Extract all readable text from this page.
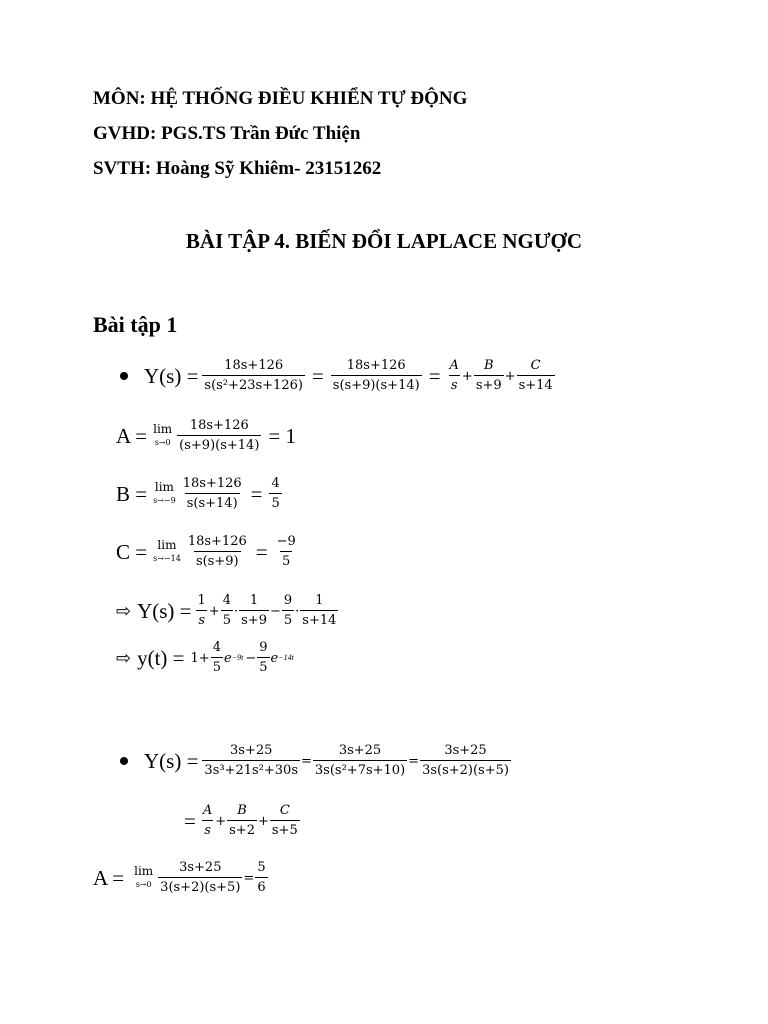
MÔN: HỆ THỐNG ĐIỀU KHIỂN TỰ ĐỘNG
GVHD: PGS.TS Trần Đức Thiện
SVTH: Hoàng Sỹ Khiêm- 23151262
BÀI TẬP 4. BIẾN ĐỔI LAPLACE NGƯỢC
Bài tập 1
$Y(s) = \frac{18s+126}{\text{s(s²+23s+126)}} = \frac{18s+126}{s(s+9)(s+14)} = \frac{A}{s} + \frac{B}{s+9} + \frac{C}{s+14}$
A = lim
$s\to 0 \frac{18s+126}{(s+9)(s+14)} = 1$
B = lim
$s\to-9 \frac{18s+126}{s(s+14)} = \frac{4}{5}$
C = lim
$s\to-14 \frac{18s+126}{s(s+9)} = \frac{-9}{5}$
⇨ $Y(s) = \frac{1}{s} + \frac{4}{5} \cdot \frac{1}{s+9} - \frac{9}{5} \cdot \frac{1}{s+14}$
⇨ $y(t) = 1 + \frac{4}{5}$ $e -9t - \frac{9}{5}$ e −14t
$Y(s) = \frac{3s+25}{\text{3s³+21s²+30s}} = \frac{3s+25}{\text{3s(s²+7s+10)}} = \frac{3s+25}{3s(s+2)(s+5)}$
= $\frac{A}{s} + \frac{B}{s+2} + \frac{C}{s+5}$
A = lim
$s\to 0 \frac{3s+25}{3(s+2)(s+5)} = \frac{5}{6}$
